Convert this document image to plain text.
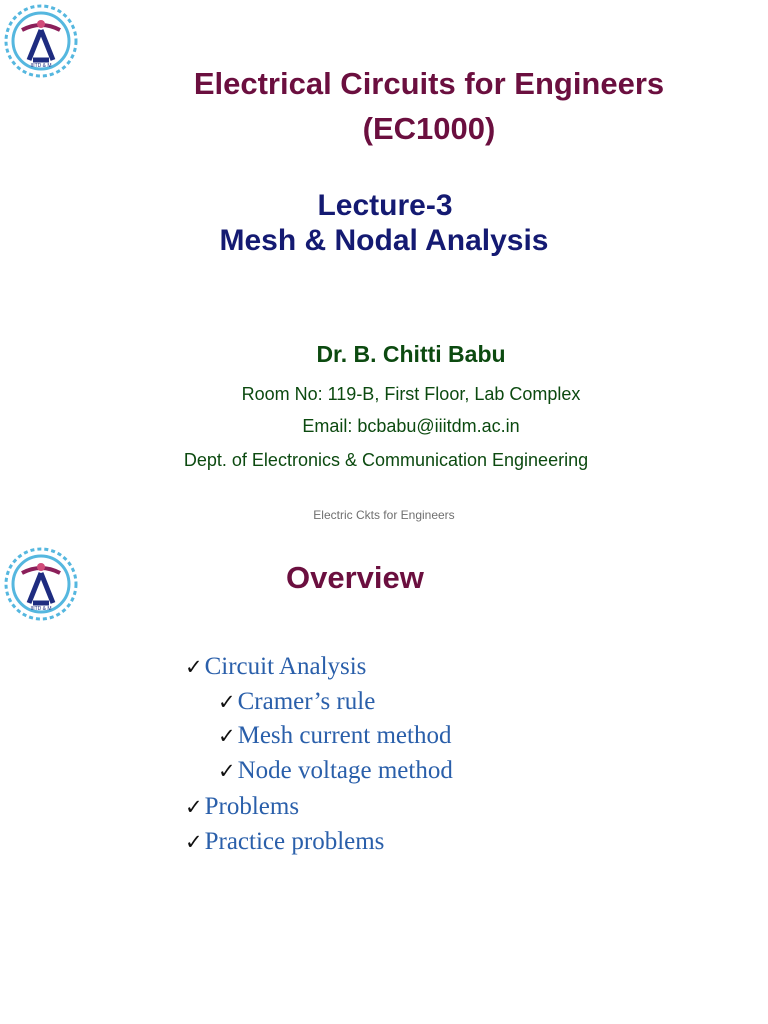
IIITD & M	Electrical Circuits for Engineers
(EC1000)
Lecture-3
Mesh & Nodal Analysis
Dr. B. Chitti Babu
Room No: 119-B, First Floor, Lab Complex
Email: bcbabu@iiitdm.ac.in
Dept. of Electronics & Communication Engineering
Electric Ckts for Engineers
IIITD & M
Overview
✓Circuit Analysis
✓Cramer’s rule
✓Mesh current method
✓Node voltage method
✓Problems
✓Practice problems
